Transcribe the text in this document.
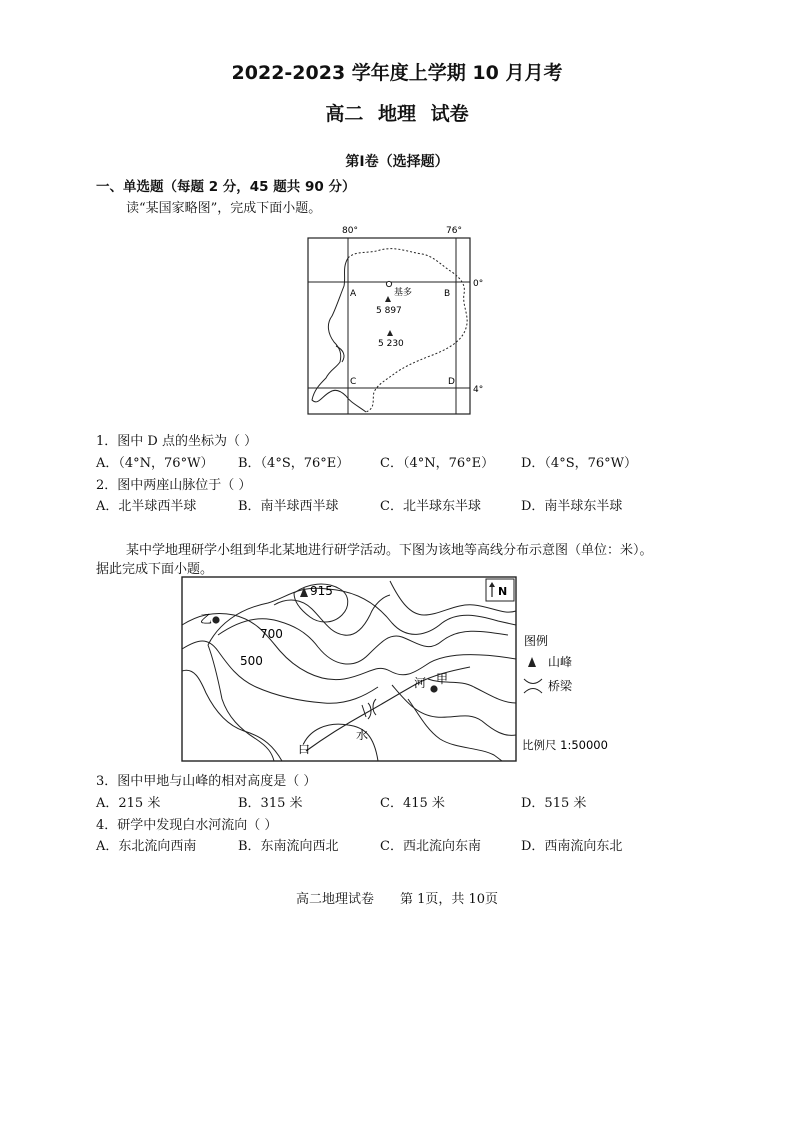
2022-2023 学年度上学期 10 月月考
高二 地理 试卷
第Ⅰ卷（选择题）
一、单选题（每题 2 分，45 题共 90 分）
读“某国家略图”，完成下面小题。
80°	76°
0°
4°
A	B
C	D
基多
5 897
5 230
1．图中 D 点的坐标为（ ）
A．（4°N，76°W） B．（4°S，76°E） C．（4°N，76°E） D．（4°S，76°W）
2．图中两座山脉位于（ ）
A．北半球西半球	B．南半球西半球	C．北半球东半球	D．南半球东半球
某中学地理研学小组到华北某地进行研学活动。下图为该地等高线分布示意图（单位：米）。
据此完成下面小题。
915
700
500
乙
甲
河
水
白
N
图例
山峰
桥梁
比例尺 1:50000
3．图中甲地与山峰的相对高度是（ ）
A．215 米	B．315 米	C．415 米	D．515 米
4．研学中发现白水河流向（ ）
A．东北流向西南	B．东南流向西北	C．西北流向东南	D．西南流向东北
高二地理试卷　　第 1页，共 10页
